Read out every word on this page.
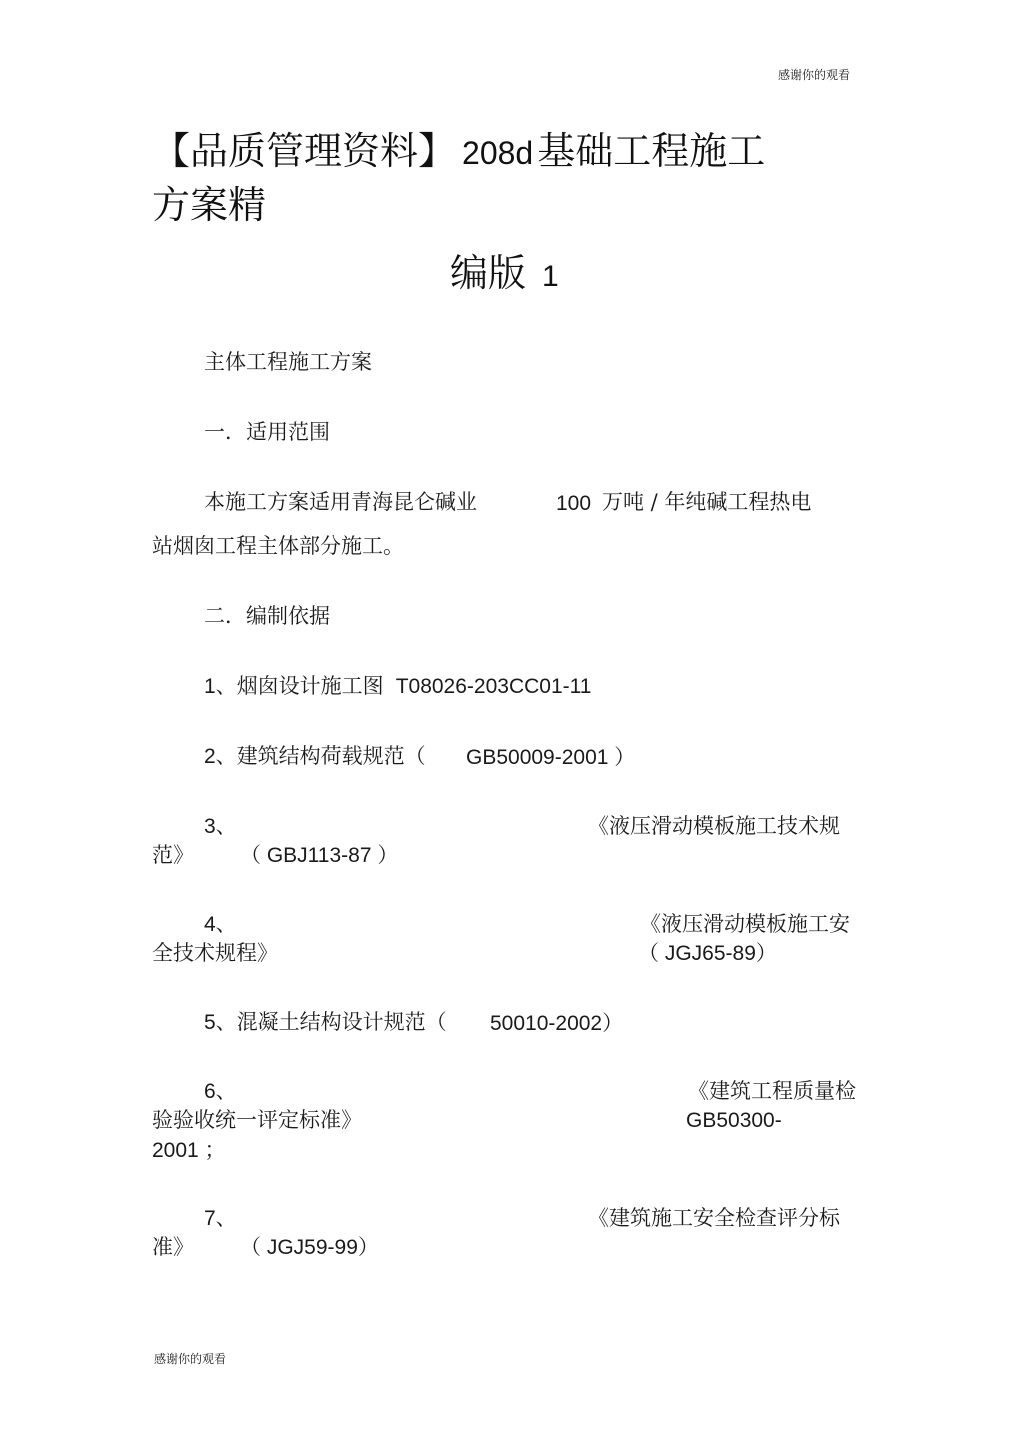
感谢你的观看
【品质管理资料】 208d 基础工程施工
方案精
编版 1
主体工程施工方案
一．适用范围
本施工方案适用青海昆仑碱业	100 万吨 / 年纯碱工程热电
站烟囱工程主体部分施工。
二．编制依据
1、烟囱设计施工图 T08026-203CC01-11
2、建筑结构荷载规范（ GB50009-2001 ）
3、	《液压滑动模板施工技术规
范》 （ GBJ113-87 ）
4、	《液压滑动模板施工安
全技术规程》	（ JGJ65-89）
5、混凝土结构设计规范（ 50010-2002）
6、	《建筑工程质量检
验验收统一评定标准》	GB50300-
2001 ；
7、	《建筑施工安全检查评分标
准》 （ JGJ59-99）
感谢你的观看
